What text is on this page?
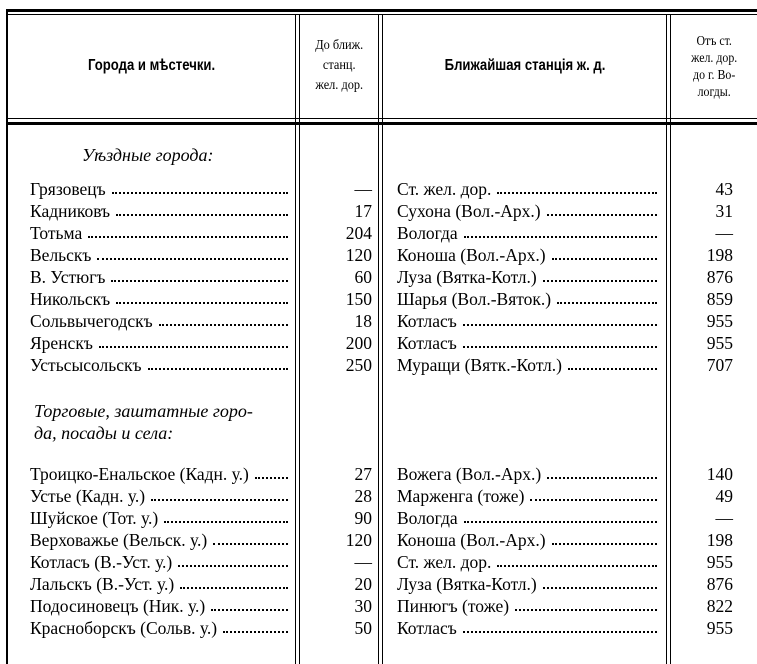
Города и мѣстечки.
До ближ.
станц.
жел. дор.
Ближайшая станція ж. д.
Отъ ст.
жел. дор.
до г. Во-
логды.
Уѣздные города:
Торговые, заштатные горо-
да, посады и села:
Грязовецъ	— Ст. жел. дор.	43
Кадниковъ	17 Сухона (Вол.-Арх.)	31
Тотьма	204 Вологда	—
Вельскъ	120 Коноша (Вол.-Арх.)	198
В. Устюгъ	60 Луза (Вятка-Котл.)	876
Никольскъ	150 Шарья (Вол.-Вяток.)	859
Сольвычегодскъ	18 Котласъ	955
Яренскъ	200 Котласъ	955
Устьсысольскъ	250 Муращи (Вятк.-Котл.)	707
Троицко-Енальское (Кадн. у.)	27 Вожега (Вол.-Арх.)	140
Устье (Кадн. у.)	28 Марженга (тоже)	49
Шуйское (Тот. у.)	90 Вологда	—
Верховажье (Вельск. у.)	120 Коноша (Вол.-Арх.)	198
Котласъ (В.-Уст. у.)	— Ст. жел. дор.	955
Лальскъ (В.-Уст. у.)	20 Луза (Вятка-Котл.)	876
Подосиновецъ (Ник. у.)	30 Пинюгъ (тоже)	822
Красноборскъ (Сольв. у.)	50 Котласъ	955
